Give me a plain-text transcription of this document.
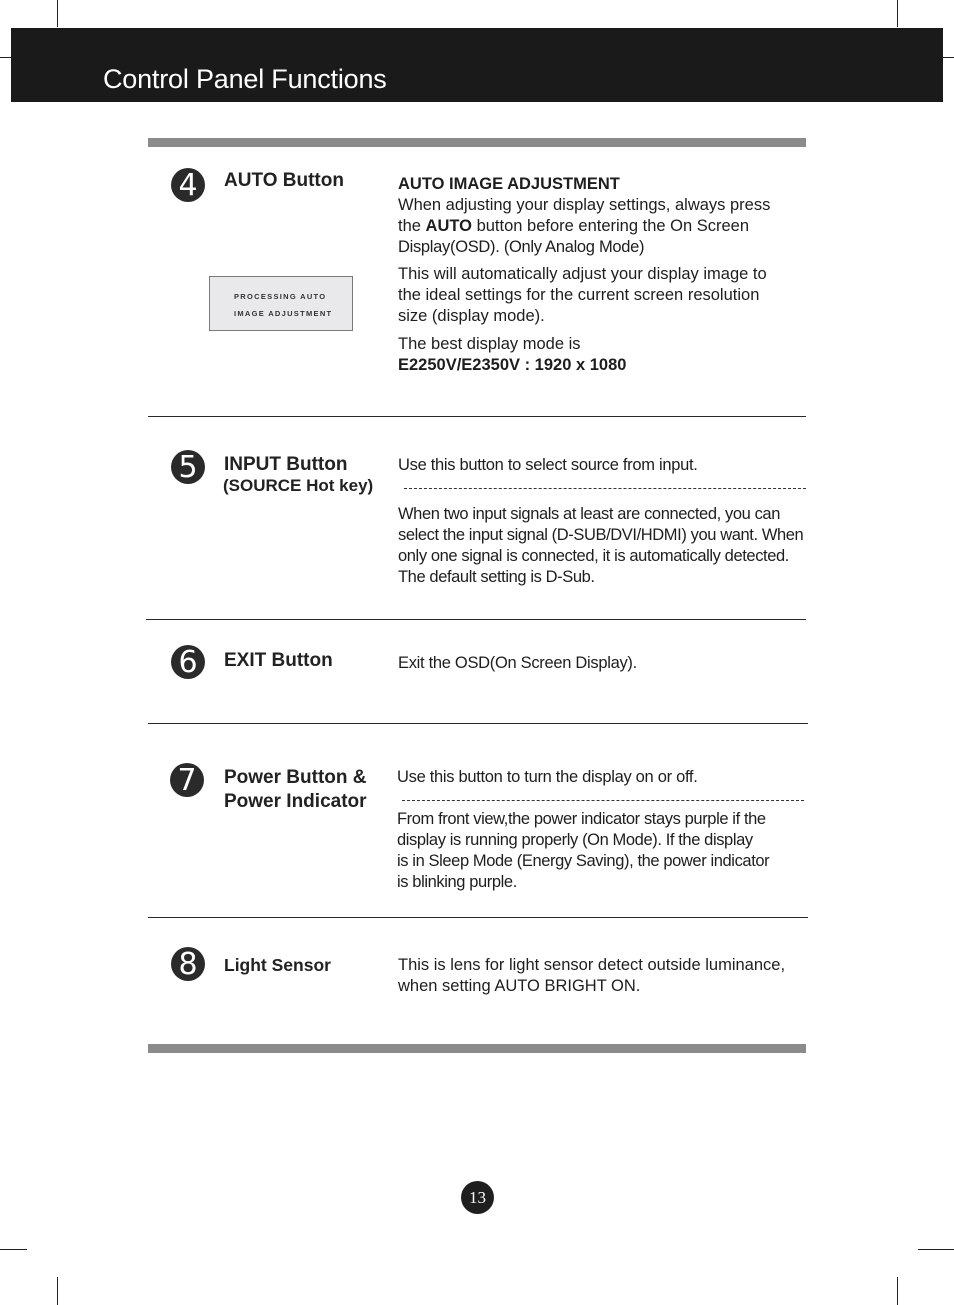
Control Panel Functions
4	AUTO Button
PROCESSING AUTO
IMAGE ADJUSTMENT
AUTO IMAGE ADJUSTMENT
When adjusting your display settings, always press
the AUTO button before entering the On Screen
Display(OSD). (Only Analog Mode)
This will automatically adjust your display image to
the ideal settings for the current screen resolution
size (display mode).
The best display mode is
E2250V/E2350V : 1920 x 1080
5	INPUT Button
(SOURCE Hot key)
Use this button to select source from input.
When two input signals at least are connected, you can
select the input signal (D-SUB/DVI/HDMI) you want. When
only one signal is connected, it is automatically detected.
The default setting is D-Sub.
6	EXIT Button	Exit the OSD(On Screen Display).
7	Power Button &
Power Indicator
Use this button to turn the display on or off.
From front view,the power indicator stays purple if the
display is running properly (On Mode). If the display
is in Sleep Mode (Energy Saving), the power indicator
is blinking purple.
8	Light Sensor	This is lens for light sensor detect outside luminance,
when setting AUTO BRIGHT ON.
13
